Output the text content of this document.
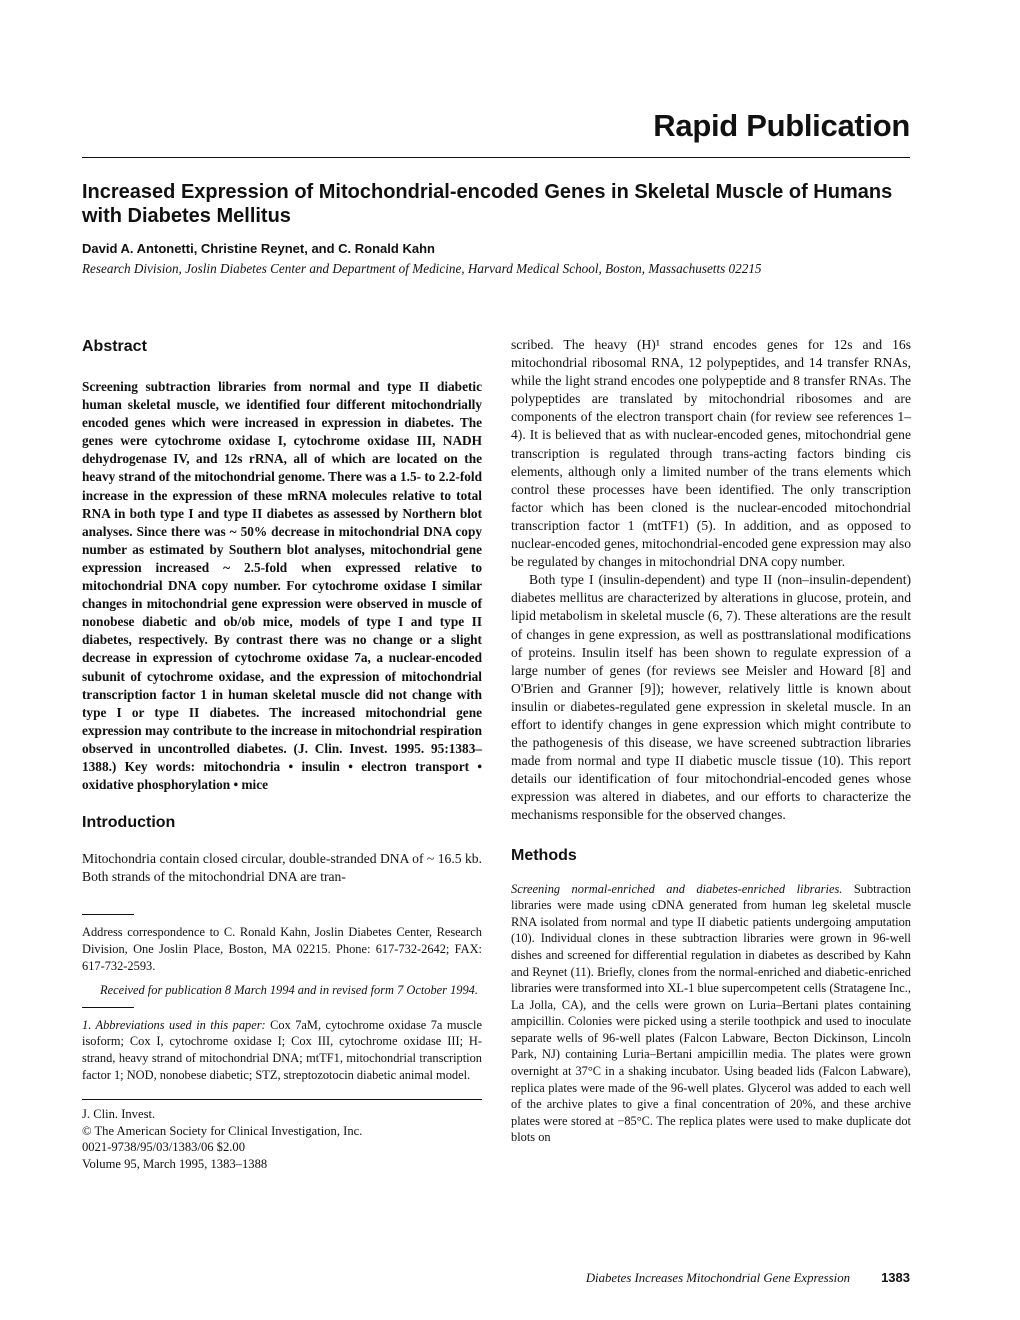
Rapid Publication
Increased Expression of Mitochondrial-encoded Genes in Skeletal Muscle of Humans with Diabetes Mellitus
David A. Antonetti, Christine Reynet, and C. Ronald Kahn
Research Division, Joslin Diabetes Center and Department of Medicine, Harvard Medical School, Boston, Massachusetts 02215
Abstract

Screening subtraction libraries from normal and type II diabetic human skeletal muscle, we identified four different mitochondrially encoded genes which were increased in expression in diabetes. The genes were cytochrome oxidase I, cytochrome oxidase III, NADH dehydrogenase IV, and 12s rRNA, all of which are located on the heavy strand of the mitochondrial genome. There was a 1.5- to 2.2-fold increase in the expression of these mRNA molecules relative to total RNA in both type I and type II diabetes as assessed by Northern blot analyses. Since there was ~ 50% decrease in mitochondrial DNA copy number as estimated by Southern blot analyses, mitochondrial gene expression increased ~ 2.5-fold when expressed relative to mitochondrial DNA copy number. For cytochrome oxidase I similar changes in mitochondrial gene expression were observed in muscle of nonobese diabetic and ob/ob mice, models of type I and type II diabetes, respectively. By contrast there was no change or a slight decrease in expression of cytochrome oxidase 7a, a nuclear-encoded subunit of cytochrome oxidase, and the expression of mitochondrial transcription factor 1 in human skeletal muscle did not change with type I or type II diabetes. The increased mitochondrial gene expression may contribute to the increase in mitochondrial respiration observed in uncontrolled diabetes. (J. Clin. Invest. 1995. 95:1383–1388.) Key words: mitochondria • insulin • electron transport • oxidative phosphorylation • mice

Introduction

Mitochondria contain closed circular, double-stranded DNA of ~ 16.5 kb. Both strands of the mitochondrial DNA are tran-

Address correspondence to C. Ronald Kahn, Joslin Diabetes Center, Research Division, One Joslin Place, Boston, MA 02215. Phone: 617-732-2642; FAX: 617-732-2593.

Received for publication 8 March 1994 and in revised form 7 October 1994.

1. Abbreviations used in this paper: Cox 7aM, cytochrome oxidase 7a muscle isoform; Cox I, cytochrome oxidase I; Cox III, cytochrome oxidase III; H-strand, heavy strand of mitochondrial DNA; mtTF1, mitochondrial transcription factor 1; NOD, nonobese diabetic; STZ, streptozotocin diabetic animal model.

J. Clin. Invest.
© The American Society for Clinical Investigation, Inc.
0021-9738/95/03/1383/06 $2.00
Volume 95, March 1995, 1383–1388

scribed. The heavy (H)¹ strand encodes genes for 12s and 16s mitochondrial ribosomal RNA, 12 polypeptides, and 14 transfer RNAs, while the light strand encodes one polypeptide and 8 transfer RNAs. The polypeptides are translated by mitochondrial ribosomes and are components of the electron transport chain (for review see references 1–4). It is believed that as with nuclear-encoded genes, mitochondrial gene transcription is regulated through trans-acting factors binding cis elements, although only a limited number of the trans elements which control these processes have been identified. The only transcription factor which has been cloned is the nuclear-encoded mitochondrial transcription factor 1 (mtTF1) (5). In addition, and as opposed to nuclear-encoded genes, mitochondrial-encoded gene expression may also be regulated by changes in mitochondrial DNA copy number.

Both type I (insulin-dependent) and type II (non–insulin-dependent) diabetes mellitus are characterized by alterations in glucose, protein, and lipid metabolism in skeletal muscle (6, 7). These alterations are the result of changes in gene expression, as well as posttranslational modifications of proteins. Insulin itself has been shown to regulate expression of a large number of genes (for reviews see Meisler and Howard [8] and O'Brien and Granner [9]); however, relatively little is known about insulin or diabetes-regulated gene expression in skeletal muscle. In an effort to identify changes in gene expression which might contribute to the pathogenesis of this disease, we have screened subtraction libraries made from normal and type II diabetic muscle tissue (10). This report details our identification of four mitochondrial-encoded genes whose expression was altered in diabetes, and our efforts to characterize the mechanisms responsible for the observed changes.

Methods

Screening normal-enriched and diabetes-enriched libraries. Subtraction libraries were made using cDNA generated from human leg skeletal muscle RNA isolated from normal and type II diabetic patients undergoing amputation (10). Individual clones in these subtraction libraries were grown in 96-well dishes and screened for differential regulation in diabetes as described by Kahn and Reynet (11). Briefly, clones from the normal-enriched and diabetic-enriched libraries were transformed into XL-1 blue supercompetent cells (Stratagene Inc., La Jolla, CA), and the cells were grown on Luria–Bertani plates containing ampicillin. Colonies were picked using a sterile toothpick and used to inoculate separate wells of 96-well plates (Falcon Labware, Becton Dickinson, Lincoln Park, NJ) containing Luria–Bertani ampicillin media. The plates were grown overnight at 37°C in a shaking incubator. Using beaded lids (Falcon Labware), replica plates were made of the 96-well plates. Glycerol was added to each well of the archive plates to give a final concentration of 20%, and these archive plates were stored at −85°C. The replica plates were used to make duplicate dot blots on

Diabetes Increases Mitochondrial Gene Expression 1383
